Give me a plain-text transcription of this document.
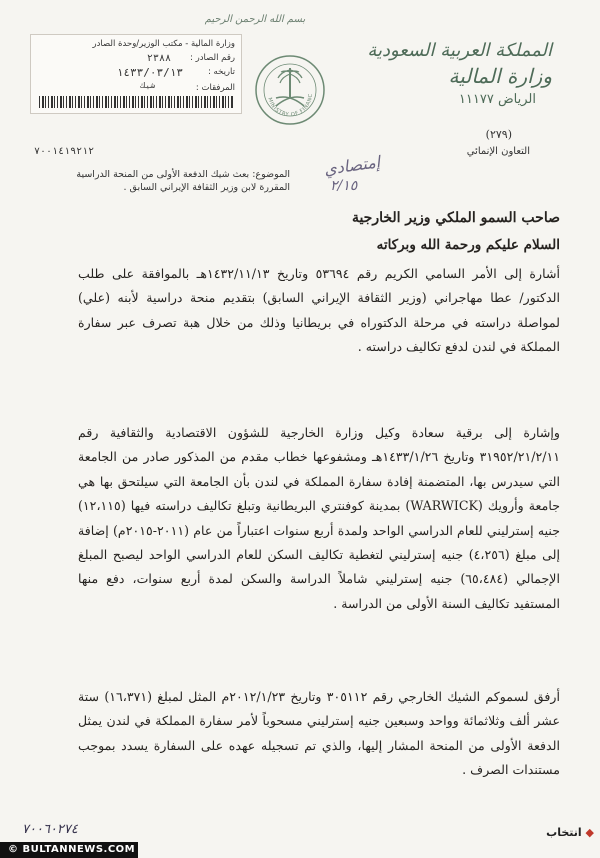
وزارة المالية - مكتب الوزير/وحدة الصادر
رقم الصادر :
٢٣٨٨
تاريخه :
١٤٣٣/٠٣/١٣
المرفقات :
شيك
٧٠٠١٤١٩٢١٢
بسم الله الرحمن الرحيم
MINISTRY OF FINANC
المملكة العربية السعودية
وزارة المالية
الرياض ١١١٧٧
(٢٧٩)
التعاون الإنمائي
إمتصادي
٢/١٥
الموضوع: بعث شيك الدفعة الأولى من المنحة الدراسية
المقررة لابن وزير الثقافة الإيراني السابق .
صاحب السمو الملكي وزير الخارجية
السلام عليكم ورحمة الله وبركاته
أشارة إلى الأمر السامي الكريم رقم ٥٣٦٩٤ وتاريخ ١٤٣٢/١١/١٣هـ بالموافقة على طلب الدكتور/ عطا مهاجراني (وزير الثقافة الإيراني السابق) بتقديم منحة دراسية لأبنه (علي) لمواصلة دراسته في مرحلة الدكتوراه في بريطانيا وذلك من خلال هبة تصرف عبر سفارة المملكة في لندن لدفع تكاليف دراسته .
وإشارة إلى برقية سعادة وكيل وزارة الخارجية للشؤون الاقتصادية والثقافية رقم ٣١٩٥٢/٢١/٢/١١ وتاريخ ١٤٣٣/١/٢٦هـ ومشفوعها خطاب مقدم من المذكور صادر من الجامعة التي سيدرس بها، المتضمنة إفادة سفارة المملكة في لندن بأن الجامعة التي سيلتحق بها هي جامعة وأرويك (WARWICK) بمدينة كوفنتري البريطانية وتبلغ تكاليف دراسته فيها (١٢،١١٥) جنيه إسترليني للعام الدراسي الواحد ولمدة أربع سنوات اعتباراً من عام (٢٠١١-٢٠١٥م) إضافة إلى مبلغ (٤،٢٥٦) جنيه إسترليني لتغطية تكاليف السكن للعام الدراسي الواحد ليصبح المبلغ الإجمالي (٦٥،٤٨٤) جنيه إسترليني شاملاً الدراسة والسكن لمدة أربع سنوات، دفع منها المستفيد تكاليف السنة الأولى من الدراسة .
أرفق لسموكم الشيك الخارجي رقم ٣٠٥١١٢ وتاريخ ٢٠١٢/١/٢٣م المثل لمبلغ (١٦،٣٧١) ستة عشر ألف وثلاثمائة وواحد وسبعين جنيه إسترليني مسحوباً لأمر سفارة المملكة في لندن يمثل الدفعة الأولى من المنحة المشار إليها، والذي تم تسجيله عهده على السفارة يسدد بموجب مستندات الصرف .
٧٠٠٦٠٢٧٤
© BULTANNEWS.COM
◆ انتخاب
